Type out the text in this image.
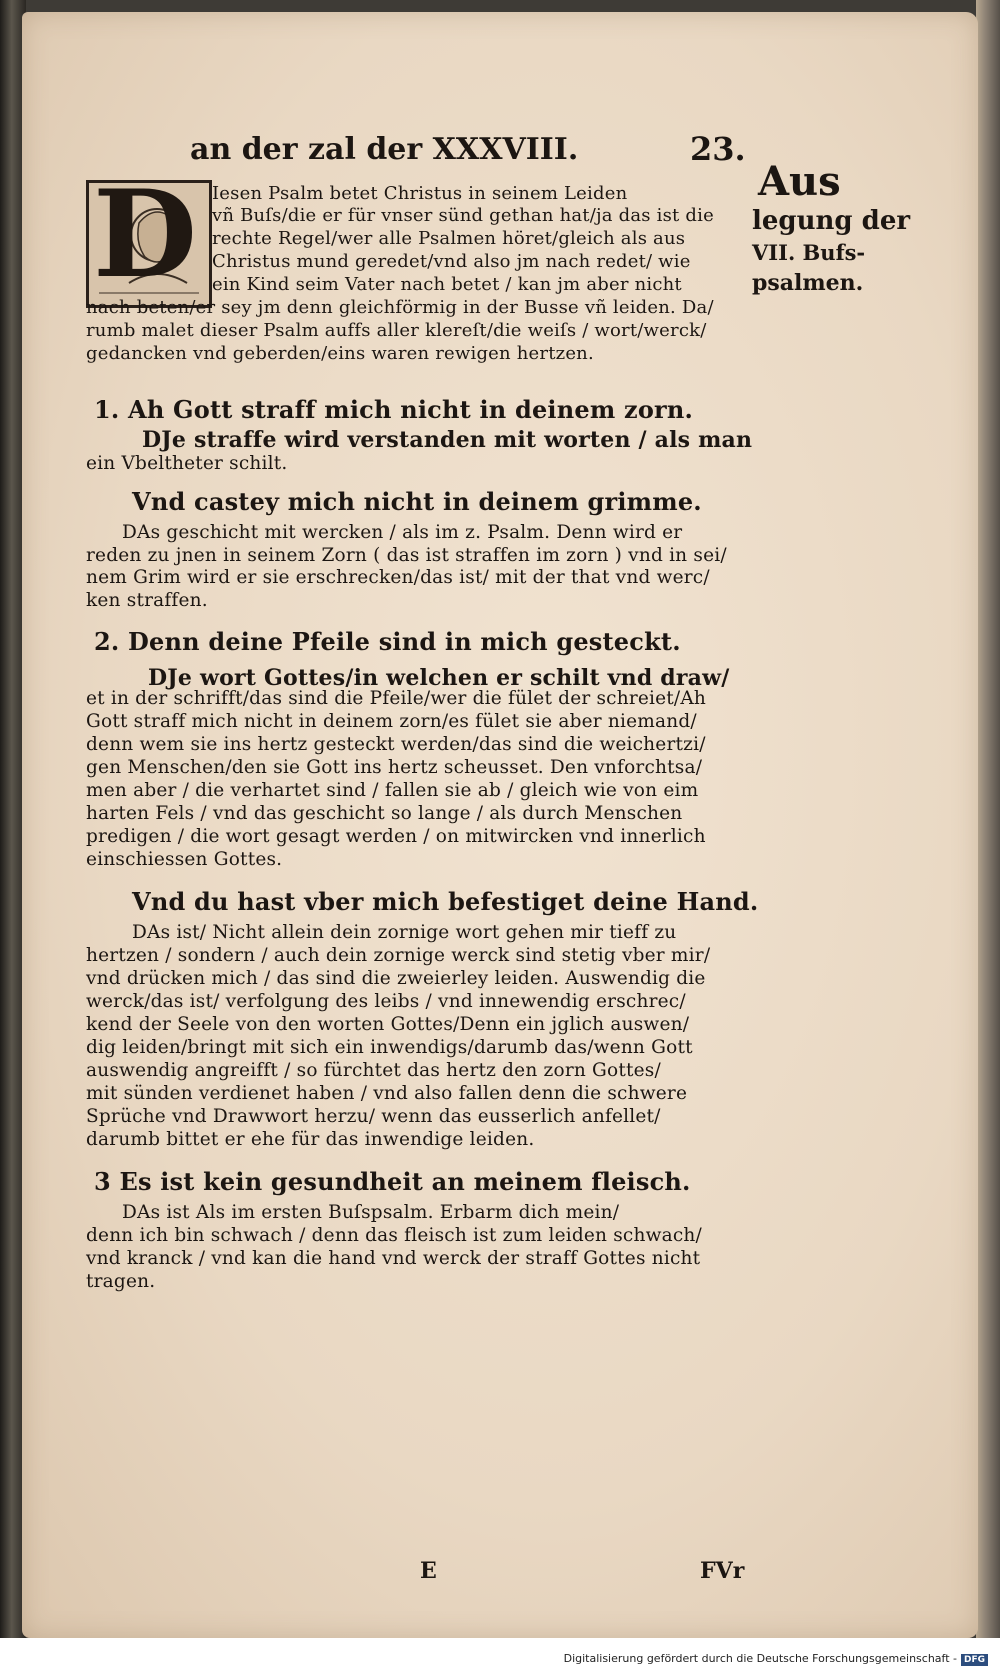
an der zal der XXXVIII.	23.
Aus
legung der
VII. Bufs-
psalmen.
D Iesen Psalm betet Christus in seinem Leiden
vñ Buſs/die er für vnser sünd gethan hat/ja das ist die
rechte Regel/wer alle Psalmen höret/gleich als aus
Christus mund geredet/vnd also jm nach redet/ wie
ein Kind seim Vater nach betet / kan jm aber nicht
nach beten/er sey jm denn gleichförmig in der Busse vñ leiden. Da/
rumb malet dieser Psalm auffs aller klereſt/die weiſs / wort/werck/
gedancken vnd geberden/eins waren rewigen hertzen.
1. Ah Gott straff mich nicht in deinem zorn.
DJe straffe wird verstanden mit worten / als man
ein Vbeltheter schilt.
Vnd castey mich nicht in deinem grimme.
DAs geschicht mit wercken / als im z. Psalm. Denn wird er
reden zu jnen in seinem Zorn ( das ist straffen im zorn ) vnd in sei/
nem Grim wird er sie erschrecken/das ist/ mit der that vnd werc/
ken straffen.
2. Denn deine Pfeile sind in mich gesteckt.
DJe wort Gottes/in welchen er schilt vnd draw/
et in der schrifft/das sind die Pfeile/wer die fület der schreiet/Ah
Gott straff mich nicht in deinem zorn/es fület sie aber niemand/
denn wem sie ins hertz gesteckt werden/das sind die weichertzi/
gen Menschen/den sie Gott ins hertz scheusset. Den vnforchtsa/
men aber / die verhartet sind / fallen sie ab / gleich wie von eim
harten Fels / vnd das geschicht so lange / als durch Menschen
predigen / die wort gesagt werden / on mitwircken vnd innerlich
einschiessen Gottes.
Vnd du hast vber mich befestiget deine Hand.
DAs ist/ Nicht allein dein zornige wort gehen mir tieff zu
hertzen / sondern / auch dein zornige werck sind stetig vber mir/
vnd drücken mich / das sind die zweierley leiden. Auswendig die
werck/das ist/ verfolgung des leibs / vnd innewendig erschrec/
kend der Seele von den worten Gottes/Denn ein jglich auswen/
dig leiden/bringt mit sich ein inwendigs/darumb das/wenn Gott
auswendig angreifft / so fürchtet das hertz den zorn Gottes/
mit sünden verdienet haben / vnd also fallen denn die schwere
Sprüche vnd Drawwort herzu/ wenn das eusserlich anfellet/
darumb bittet er ehe für das inwendige leiden.
3 Es ist kein gesundheit an meinem fleisch.
DAs ist Als im ersten Buſspsalm. Erbarm dich mein/
denn ich bin schwach / denn das fleisch ist zum leiden schwach/
vnd kranck / vnd kan die hand vnd werck der straff Gottes nicht
tragen.
E	FVr
Digitalisierung gefördert durch die Deutsche Forschungsgemeinschaft - DFG
